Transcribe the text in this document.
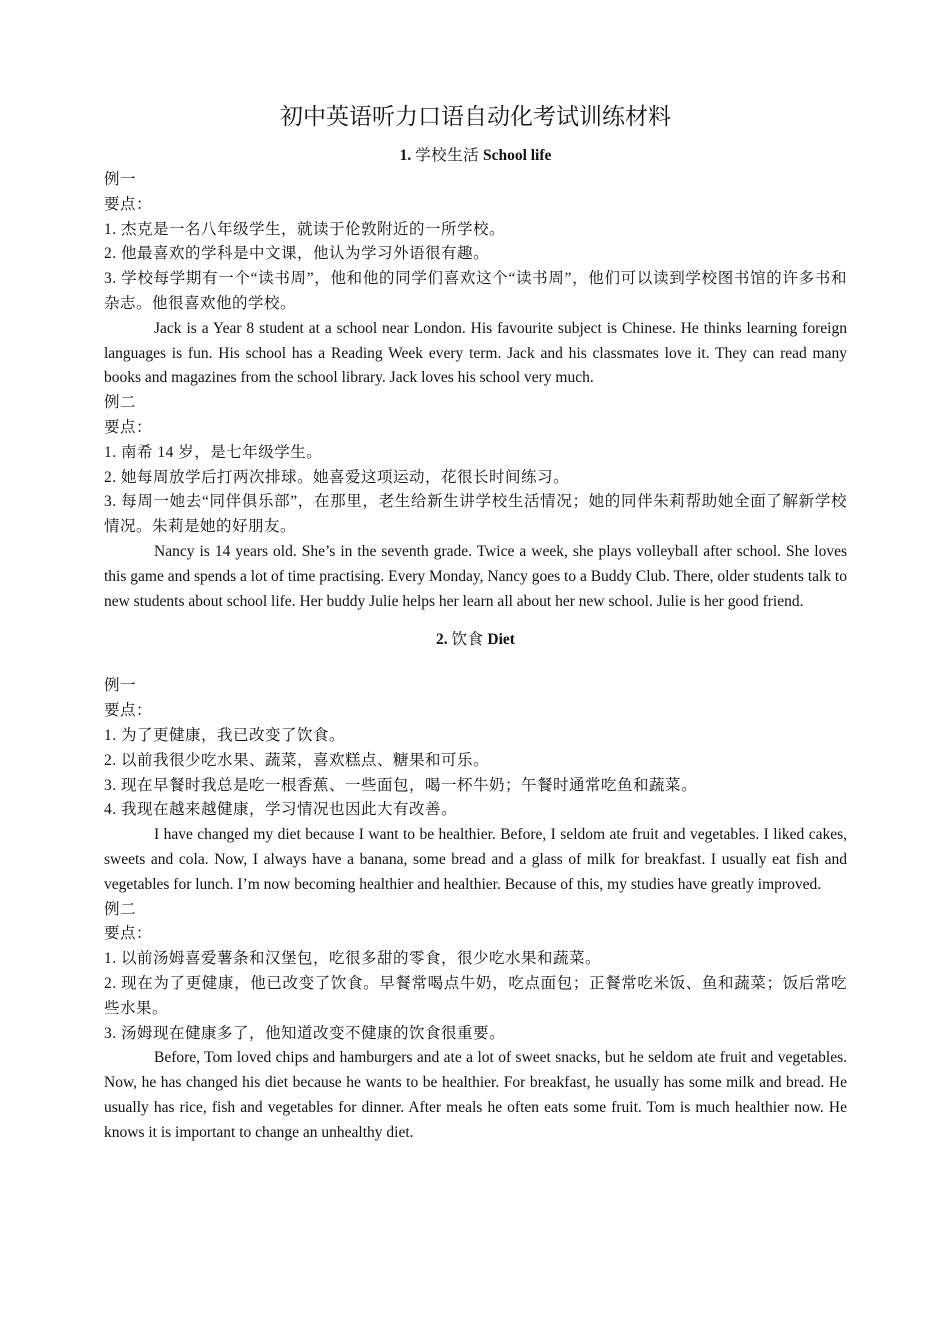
初中英语听力口语自动化考试训练材料

1. 学校生活 School life

例一

要点：

1. 杰克是一名八年级学生，就读于伦敦附近的一所学校。

2. 他最喜欢的学科是中文课，他认为学习外语很有趣。

3. 学校每学期有一个“读书周”，他和他的同学们喜欢这个“读书周”，他们可以读到学校图书馆的许多书和杂志。他很喜欢他的学校。

Jack is a Year 8 student at a school near London. His favourite subject is Chinese. He thinks learning foreign languages is fun. His school has a Reading Week every term. Jack and his classmates love it. They can read many books and magazines from the school library. Jack loves his school very much.

例二

要点：

1. 南希 14 岁，是七年级学生。

2. 她每周放学后打两次排球。她喜爱这项运动，花很长时间练习。

3. 每周一她去“同伴俱乐部”，在那里，老生给新生讲学校生活情况；她的同伴朱莉帮助她全面了解新学校情况。朱莉是她的好朋友。

Nancy is 14 years old. She’s in the seventh grade. Twice a week, she plays volleyball after school. She loves this game and spends a lot of time practising. Every Monday, Nancy goes to a Buddy Club. There, older students talk to new students about school life. Her buddy Julie helps her learn all about her new school. Julie is her good friend.

2. 饮食 Diet

例一

要点：

1. 为了更健康，我已改变了饮食。

2. 以前我很少吃水果、蔬菜，喜欢糕点、糖果和可乐。

3. 现在早餐时我总是吃一根香蕉、一些面包，喝一杯牛奶；午餐时通常吃鱼和蔬菜。

4. 我现在越来越健康，学习情况也因此大有改善。

I have changed my diet because I want to be healthier. Before, I seldom ate fruit and vegetables. I liked cakes, sweets and cola. Now, I always have a banana, some bread and a glass of milk for breakfast. I usually eat fish and vegetables for lunch. I’m now becoming healthier and healthier. Because of this, my studies have greatly improved.

例二

要点：

1. 以前汤姆喜爱薯条和汉堡包，吃很多甜的零食，很少吃水果和蔬菜。

2. 现在为了更健康，他已改变了饮食。早餐常喝点牛奶，吃点面包；正餐常吃米饭、鱼和蔬菜；饭后常吃些水果。

3. 汤姆现在健康多了，他知道改变不健康的饮食很重要。

Before, Tom loved chips and hamburgers and ate a lot of sweet snacks, but he seldom ate fruit and vegetables. Now, he has changed his diet because he wants to be healthier. For breakfast, he usually has some milk and bread. He usually has rice, fish and vegetables for dinner. After meals he often eats some fruit. Tom is much healthier now. He knows it is important to change an unhealthy diet.
